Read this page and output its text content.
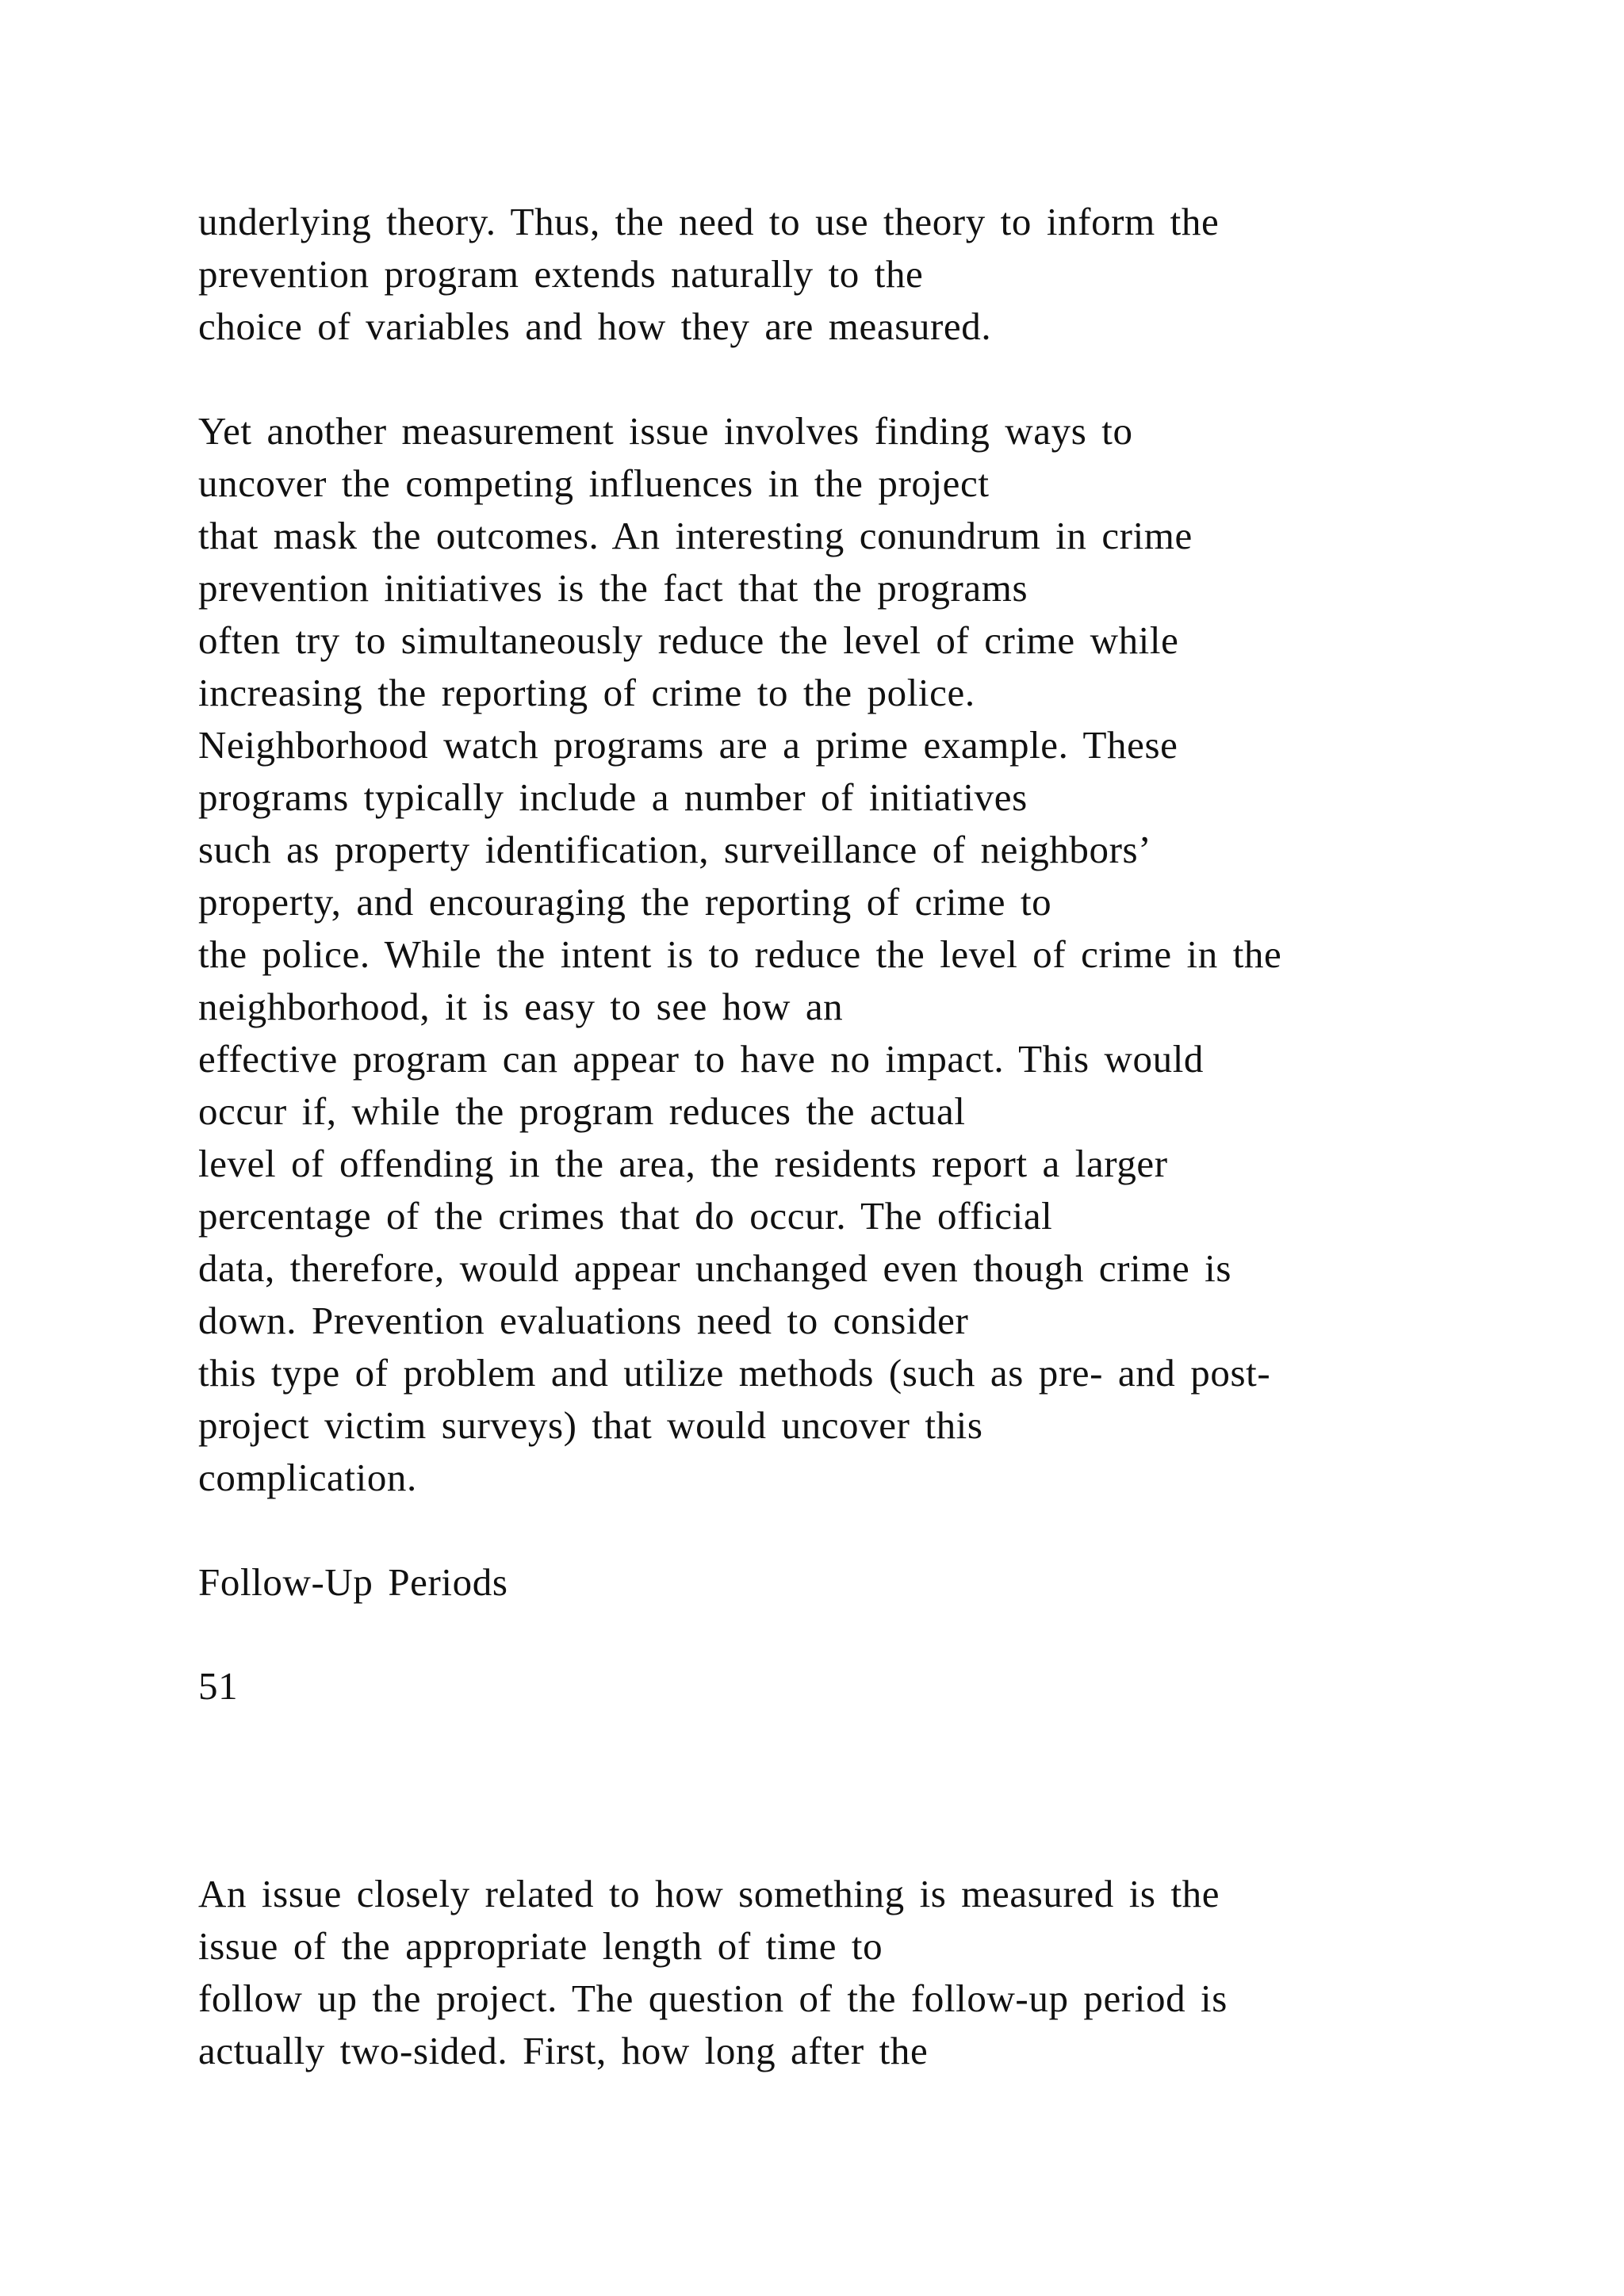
underlying theory. Thus, the need to use theory to inform the
prevention program extends naturally to the
choice of variables and how they are measured.
Yet another measurement issue involves finding ways to
uncover the competing influences in the project
that mask the outcomes. An interesting conundrum in crime
prevention initiatives is the fact that the programs
often try to simultaneously reduce the level of crime while
increasing the reporting of crime to the police.
Neighborhood watch programs are a prime example. These
programs typically include a number of initiatives
such as property identification, surveillance of neighbors’
property, and encouraging the reporting of crime to
the police. While the intent is to reduce the level of crime in the
neighborhood, it is easy to see how an
effective program can appear to have no impact. This would
occur if, while the program reduces the actual
level of offending in the area, the residents report a larger
percentage of the crimes that do occur. The official
data, therefore, would appear unchanged even though crime is
down. Prevention evaluations need to consider
this type of problem and utilize methods (such as pre- and post-
project victim surveys) that would uncover this
complication.
Follow-Up Periods
51
An issue closely related to how something is measured is the
issue of the appropriate length of time to
follow up the project. The question of the follow-up period is
actually two-sided. First, how long after the
